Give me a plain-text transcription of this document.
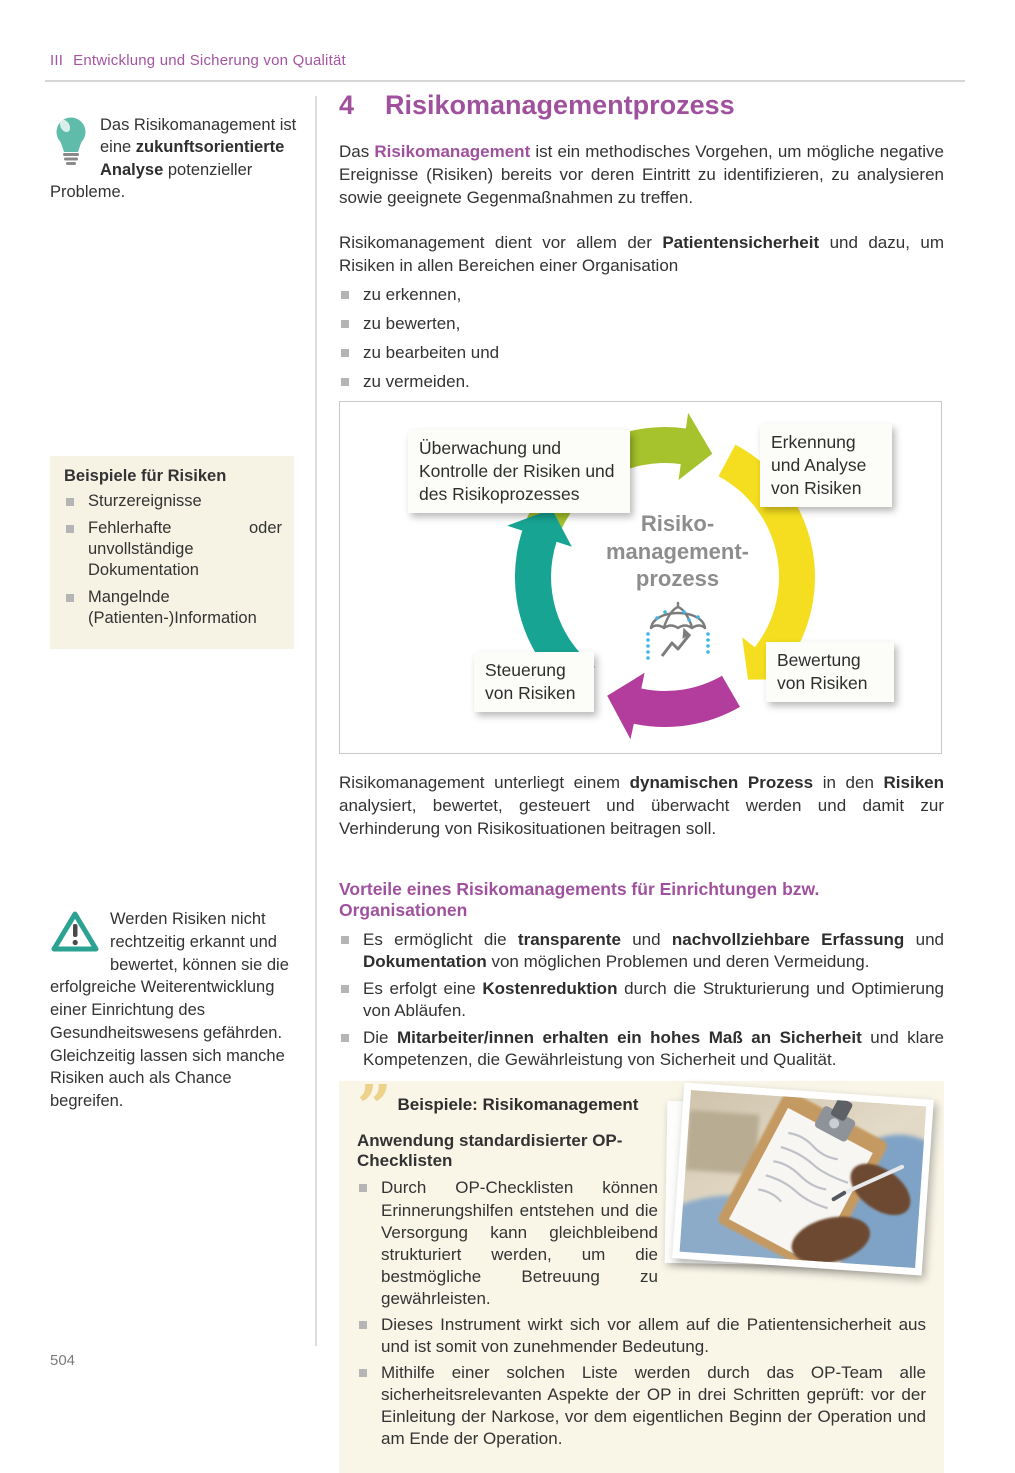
III Entwicklung und Sicherung von Qualität
Das Risikomanagement ist eine zukunftsorientierte Analyse potenzieller Probleme.
Beispiele für Risiken
Sturzereignisse
Fehlerhafte oder unvollständige Dokumentation
Mangelnde (Patienten-)Information
Werden Risiken nicht rechtzeitig erkannt und bewertet, können sie die erfolgreiche Weiterentwicklung einer Einrichtung des Gesundheitswesens gefährden. Gleichzeitig lassen sich manche Risiken auch als Chance begreifen.
504
4 Risikomanagementprozess

Das Risikomanagement ist ein methodisches Vorgehen, um mögliche negative Ereignisse (Risiken) bereits vor deren Eintritt zu identifizieren, zu analysieren sowie geeignete Gegenmaßnahmen zu treffen.

Risikomanagement dient vor allem der Patientensicherheit und dazu, um Risiken in allen Bereichen einer Organisation

zu erkennen,
zu bewerten,
zu bearbeiten und
zu vermeiden.
Risiko-
management-
prozess
Überwachung und Kontrolle der Risiken und des Risikoprozesses
Erkennung und Analyse von Risiken
Bewertung von Risiken
Steuerung von Risiken

Risikomanagement unterliegt einem dynamischen Prozess in den Risiken analysiert, bewertet, gesteuert und überwacht werden und damit zur Verhinderung von Risikosituationen beitragen soll.

Vorteile eines Risikomanagements für Einrichtungen bzw. Organisationen
Es ermöglicht die transparente und nachvollziehbare Erfassung und Dokumentation von möglichen Problemen und deren Vermeidung.
Es erfolgt eine Kostenreduktion durch die Strukturierung und Optimierung von Abläufen.
Die Mitarbeiter/innen erhalten ein hohes Maß an Sicherheit und klare Kompetenzen, die Gewährleistung von Sicherheit und Qualität.
” Beispiele: Risikomanagement
Anwendung standardisierter OP-Checklisten
Durch OP-Checklisten können Erinnerungshilfen entstehen und die Versorgung kann gleichbleibend strukturiert werden, um die bestmögliche Betreuung zu gewährleisten.
Dieses Instrument wirkt sich vor allem auf die Patientensicherheit aus und ist somit von zunehmender Bedeutung.
Mithilfe einer solchen Liste werden durch das OP-Team alle sicherheitsrelevanten Aspekte der OP in drei Schritten geprüft: vor der Einleitung der Narkose, vor dem eigentlichen Beginn der Operation und am Ende der Operation.
